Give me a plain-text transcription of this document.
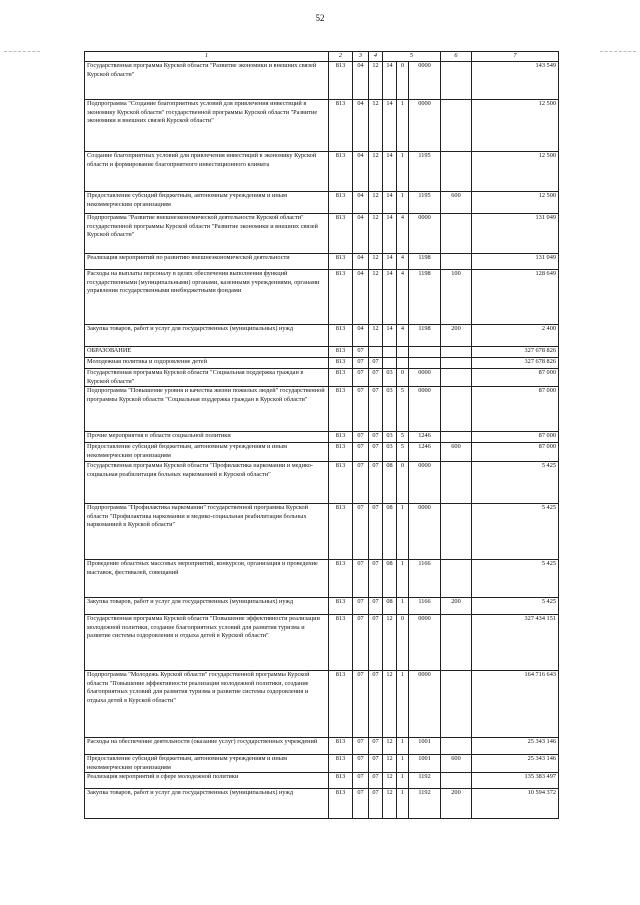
52
1	2	3	4	5			6	7
Государственная программа Курской области "Развитие экономики и внешних связей Курской области"	813	04	12	14	0	0000		143 549
Подпрограмма "Создание благоприятных условий для привлечения инвестиций в экономику Курской области" государственной программы Курской области "Развитие экономики и внешних связей Курской области"	813	04	12	14	1	0000		12 500
Создание благоприятных условий для привлечения инвестиций в экономику Курской области и формирование благоприятного инвестиционного климата	813	04	12	14	1	1195		12 500
Предоставление субсидий бюджетным, автономным учреждениям и иным некоммерческим организациям	813	04	12	14	1	1195	600	12 500
Подпрограмма "Развитие внешнеэкономической деятельности Курской области" государственной программы Курской области "Развитие экономики и внешних связей Курской области"	813	04	12	14	4	0000		131 049
Реализация мероприятий по развитию внешнеэкономической деятельности	813	04	12	14	4	1198		131 049
Расходы на выплаты персоналу в целях обеспечения выполнения функций государственными (муниципальными) органами, казенными учреждениями, органами управления государственными внебюджетными фондами	813	04	12	14	4	1198	100	128 649
Закупка товаров, работ и услуг для государственных (муниципальных) нужд	813	04	12	14	4	1198	200	2 400
ОБРАЗОВАНИЕ	813	07						327 678 826
Молодежная политика и оздоровление детей	813	07	07					327 678 826
Государственная программа Курской области "Социальная поддержка граждан в Курской области"	813	07	07	03	0	0000		87 000
Подпрограмма "Повышение уровня и качества жизни пожилых людей" государственной программы Курской области "Социальная поддержка граждан в Курской области"	813	07	07	03	5	0000		87 000
Прочие мероприятия в области социальной политики	813	07	07	03	5	1246		87 000
Предоставление субсидий бюджетным, автономным учреждениям и иным некоммерческим организациям	813	07	07	03	5	1246	600	87 000
Государственная программа Курской области "Профилактика наркомании и медико-социальная реабилитация больных наркоманией в Курской области"	813	07	07	08	0	0000		5 425
Подпрограмма "Профилактика наркомании" государственной программы Курской области "Профилактика наркомании и медико-социальная реабилитация больных наркоманией в Курской области"	813	07	07	08	1	0000		5 425
Проведение областных массовых мероприятий, конкурсов, организация и проведение выставок, фестивалей, совещаний	813	07	07	08	1	1166		5 425
Закупка товаров, работ и услуг для государственных (муниципальных) нужд	813	07	07	08	1	1166	200	5 425
Государственная программа Курской области "Повышение эффективности реализации молодежной политики, создание благоприятных условий для развития туризма и развитие системы оздоровления и отдыха детей в Курской области"	813	07	07	12	0	0000		327 434 151
Подпрограмма "Молодежь Курской области" государственной программы Курской области "Повышение эффективности реализации молодежной политики, создание благоприятных условий для развития туризма и развитие системы оздоровления и отдыха детей в Курской области"	813	07	07	12	1	0000		164 716 643
Расходы на обеспечение деятельности (оказание услуг) государственных учреждений	813	07	07	12	1	1001		25 343 146
Предоставление субсидий бюджетным, автономным учреждениям и иным некоммерческим организациям	813	07	07	12	1	1001	600	25 343 146
Реализация мероприятий в сфере молодежной политики	813	07	07	12	1	1192		135 383 497
Закупка товаров, работ и услуг для государственных (муниципальных) нужд	813	07	07	12	1	1192	200	10 594 372
